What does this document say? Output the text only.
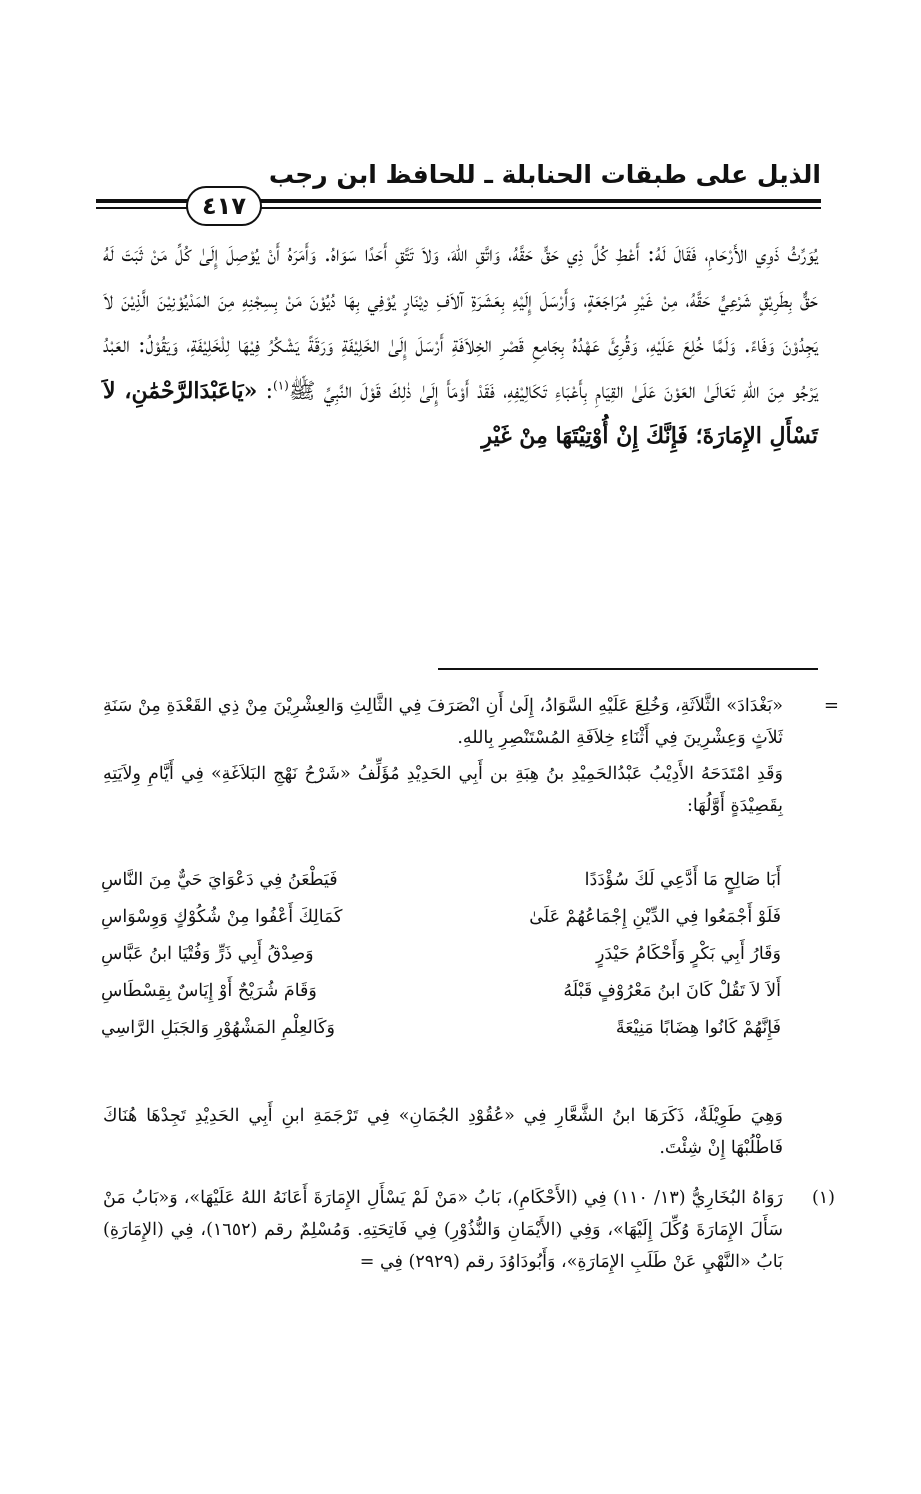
الذيل على طبقات الحنابلة ـ للحافظ ابن رجب
٤١٧
يُوَرِّثُ ذَوِي الأَرْحَامِ، فَقَالَ لَهُ: أَعْطِ كُلَّ ذِي حَقٍّ حَقَّهُ، وَاتَّقِ اللهَ، وَلاَ تَتَّقِ أَحَدًا سَوَاهُ. وَأَمَرَهُ أَنْ يُوْصِلَ إِلَىٰ كُلِّ مَنْ ثَبَتَ لَهُ حَقٌّ بِطَرِيْقٍ شَرْعِيٍّ حَقَّهُ، مِنْ غَيْرِ مُرَاجَعَةٍ، وَأَرْسَلَ إِلَيْهِ بِعَشَرَةِ آلاَفِ دِيْنَارٍ يُوْفِي بِهَا دُيُوْنَ مَنْ بِسِجْنِهِ مِنَ المَدْيُوْنِيْنَ الَّذِيْنَ لاَ يَجِدُوْنَ وَفَاءً. وَلَمَّا خُلِعَ عَلَيْهِ، وَقُرِئَ عَهْدُهُ بِجَامِعِ قَصْرِ الخِلاَفَةِ أَرْسَلَ إِلَىٰ الخَلِيْفَةِ وَرَقَةً يَشْكُرُ فِيْهَا لِلْخَلِيْفَةِ، وَيَقُوْلُ: العَبْدُ يَرْجُو مِنَ اللهِ تَعَالَىٰ العَوْنَ عَلَىٰ القِيَامِ بِأَعْبَاءِ تَكَالِيْفِهِ، فَقَدْ أَوْمَأَ إِلَىٰ ذٰلِكَ قَوْلَ النَّبِيِّ ﷺ$^{(١)}$: «يَاعَبْدَالرَّحْمَٰنِ، لاَ تَسْأَلِ الإِمَارَةَ؛ فَإِنَّكَ إِنْ أُوْتِيْتَهَا مِنْ غَيْرِ
=
«بَغْدَادَ» الثَّلاَثَةِ، وَخُلِعَ عَلَيْهِ السَّوَادُ، إِلَىٰ أَنِ انْصَرَفَ فِي الثَّالِثِ وَالعِشْرِيْنَ مِنْ ذِي القَعْدَةِ مِنْ سَنَةِ ثَلاَثٍ وَعِشْرِينَ فِي أَثْنَاءِ خِلاَفَةِ المُسْتَنْصِرِ بِاللهِ.
وَقَدِ امْتَدَحَهُ الأَدِيْبُ عَبْدُالحَمِيْدِ بنُ هِبَةِ بن أَبِي الحَدِيْدِ مُؤَلِّفُ «شَرْحُ نَهْجِ البَلاَغَةِ» فِي أَيَّامِ وِلاَيَتِهِ بِقَصِيْدَةٍ أَوَّلُهَا:
أَبَا صَالِحٍ مَا أَدَّعِي لَكَ سُؤْدَدًا
فَيَطْعَنُ فِي دَعْوَايَ حَيٌّ مِنَ النَّاسِ
فَلَوْ أَجْمَعُوا فِي الدِّيْنِ إِجْمَاعُهُمْ عَلَىٰ
كَمَالِكَ أَعْفُوا مِنْ شُكُوْكٍ وَوِسْوَاسِ
وَقَارُ أَبِي بَكْرٍ وَأَحْكَامُ حَيْدَرٍ
وَصِدْقُ أَبِي ذَرٍّ وَفُتْيَا ابنُ عَبَّاسِ
أَلاَ لاَ تَقُلْ كَانَ ابنُ مَعْرُوْفٍ قَبْلَهُ
وَقَامَ شُرَيْحٌ أَوْ إِيَاسٌ بِقِسْطَاسِ
فَإِنَّهُمْ كَانُوا هِضَابًا مَنِيْعَةً
وَكَالعِلْمِ المَشْهُوْرِ وَالجَبَلِ الرَّاسِي
وَهِيَ طَوِيْلَةٌ، ذَكَرَهَا ابنُ الشَّعَّارِ فِي «عُقُوْدِ الجُمَانِ» فِي تَرْجَمَةِ ابنِ أَبِي الحَدِيْدِ تَجِدْهَا هُنَاكَ فَاطْلُبْهَا إِنْ شِئْتَ.
(١)
رَوَاهُ البُخَارِيُّ (١٣/ ١١٠) فِي (الأَحْكَامِ)، بَابُ «مَنْ لَمْ يَسْأَلِ الإِمَارَةَ أَعَانَهُ اللهُ عَلَيْهَا»، وَ«بَابُ مَنْ سَأَلَ الإِمَارَةَ وُكِّلَ إِلَيْهَا»، وَفِي (الأَيْمَانِ وَالنُّذُوْرِ) فِي فَاتِحَتِهِ. وَمُسْلِمٌ رقم (١٦٥٢)، فِي (الإِمَارَةِ) بَابُ «النَّهْيِ عَنْ طَلَبِ الإِمَارَةِ»، وَأَبُودَاوُدَ رقم (٢٩٢٩) فِي =
